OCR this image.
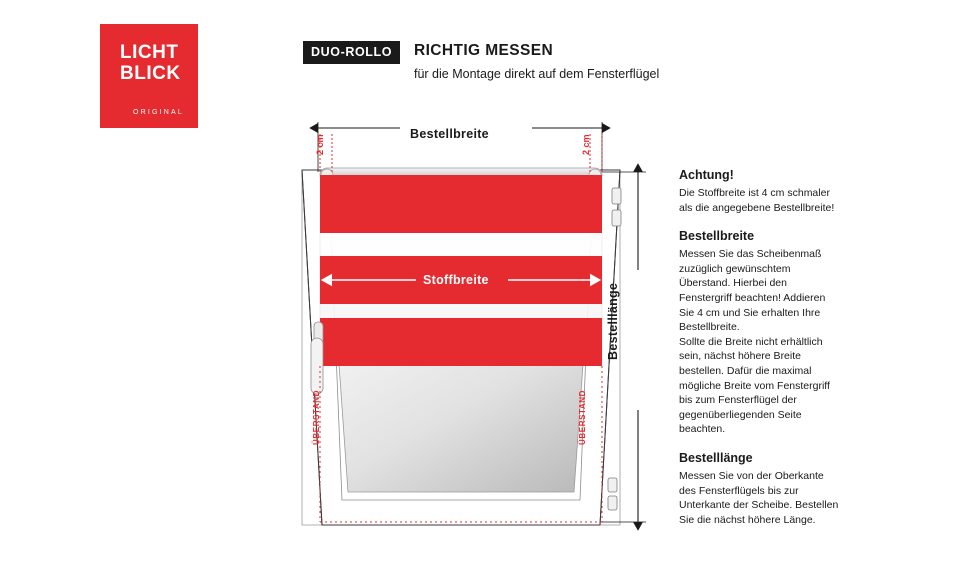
LICHT
BLICK
ORIGINAL
DUO-ROLLO	RICHTIG MESSEN
für die Montage direkt auf dem Fensterflügel
Bestellbreite
Bestelllänge
2 cm	2 cm
Stoffbreite
ÜBERSTAND	ÜBERSTAND
Achtung!

Die Stoffbreite ist 4 cm schmaler als die angegebene Bestellbreite!

Bestellbreite

Messen Sie das Scheibenmaß zuzüglich gewünschtem Überstand. Hierbei den Fenstergriff beachten! Addieren Sie 4 cm und Sie erhalten Ihre Bestellbreite.

Sollte die Breite nicht erhältlich sein, nächst höhere Breite bestellen. Dafür die maximal mögliche Breite vom Fenstergriff bis zum Fensterflügel der gegenüberliegenden Seite beachten.

Bestelllänge

Messen Sie von der Oberkante des Fensterflügels bis zur Unterkante der Scheibe. Bestellen Sie die nächst höhere Länge.
